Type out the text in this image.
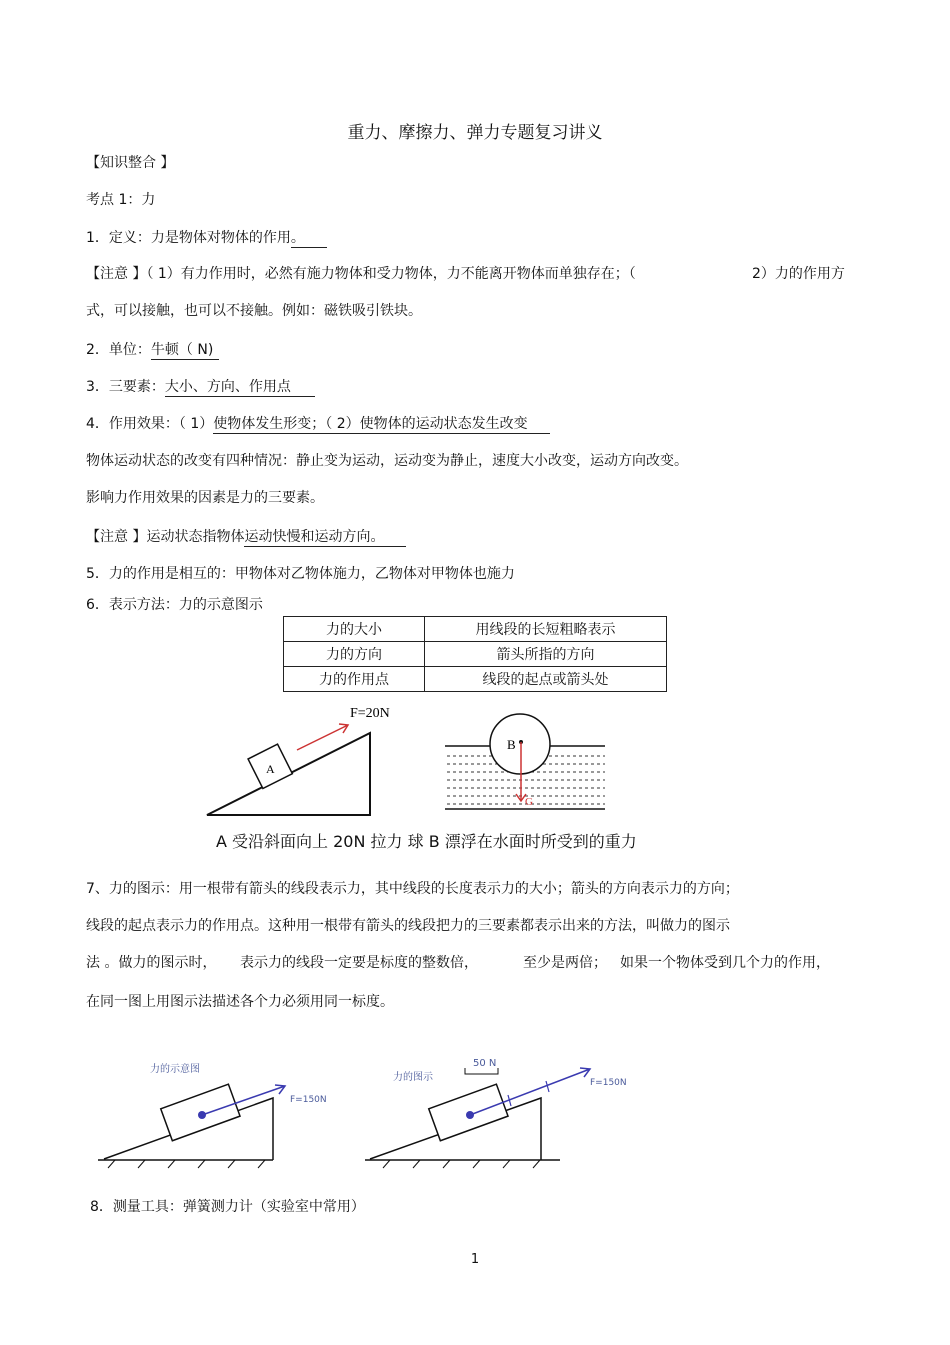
重力、摩擦力、弹力专题复习讲义
【知识整合 】
考点 1：力
1．定义：力是物体对物体的作用。
【注意 】（ 1）有力作用时，必然有施力物体和受力物体，力不能离开物体而单独存在；（	2）力的作用方
式，可以接触，也可以不接触。例如：磁铁吸引铁块。
2．单位：牛顿（ N)
3．三要素：大小、方向、作用点
4．作用效果：（ 1）使物体发生形变；（ 2）使物体的运动状态发生改变
物体运动状态的改变有四种情况：静止变为运动，运动变为静止，速度大小改变，运动方向改变。
影响力作用效果的因素是力的三要素。
【注意 】运动状态指物体运动快慢和运动方向。
5．力的作用是相互的：甲物体对乙物体施力，乙物体对甲物体也施力
6．表示方法：力的示意图示
力的大小	用线段的长短粗略表示
力的方向	箭头所指的方向
力的作用点	线段的起点或箭头处
A
F=20N
B
G
A 受沿斜面向上 20N 拉力 球 B 漂浮在水面时所受到的重力
7、力的图示：用一根带有箭头的线段表示力，其中线段的长度表示力的大小；箭头的方向表示力的方向；
线段的起点表示力的作用点。这种用一根带有箭头的线段把力的三要素都表示出来的方法，叫做力的图示
法 。做力的图示时， 表示力的线段一定要是标度的整数倍，	至少是两倍； 如果一个物体受到几个力的作用，
在同一图上用图示法描述各个力必须用同一标度。
力的示意图
F=150N
力的图示
50 N
F=150N
8．测量工具：弹簧测力计（实验室中常用）
1
